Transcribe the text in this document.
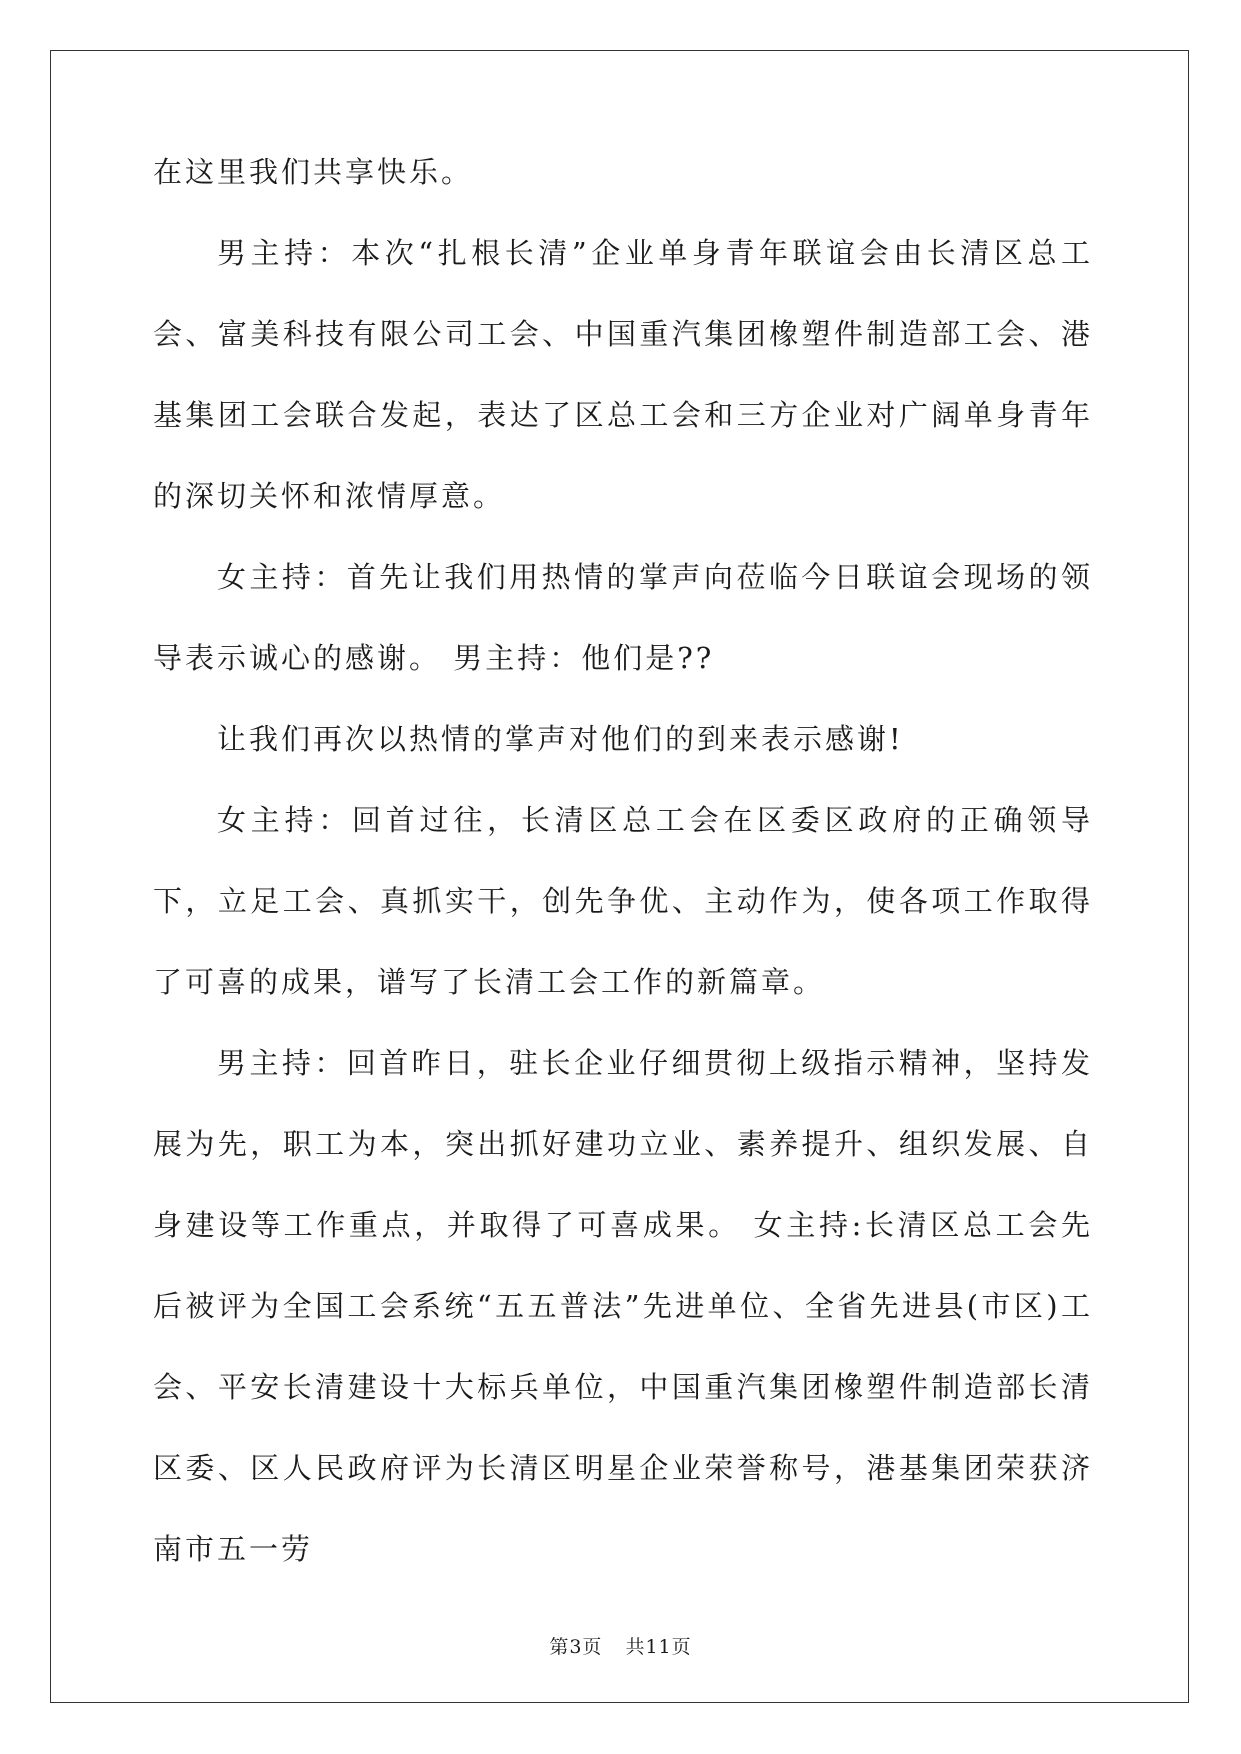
在这里我们共享快乐。

男主持：本次“扎根长清”企业单身青年联谊会由长清区总工会、富美科技有限公司工会、中国重汽集团橡塑件制造部工会、港基集团工会联合发起，表达了区总工会和三方企业对广阔单身青年的深切关怀和浓情厚意。

女主持：首先让我们用热情的掌声向莅临今日联谊会现场的领导表示诚心的感谢。 男主持：他们是??

让我们再次以热情的掌声对他们的到来表示感谢!

女主持：回首过往，长清区总工会在区委区政府的正确领导下，立足工会、真抓实干，创先争优、主动作为，使各项工作取得了可喜的成果，谱写了长清工会工作的新篇章。

男主持：回首昨日，驻长企业仔细贯彻上级指示精神，坚持发展为先，职工为本，突出抓好建功立业、素养提升、组织发展、自身建设等工作重点，并取得了可喜成果。 女主持:长清区总工会先后被评为全国工会系统“五五普法”先进单位、全省先进县(市区)工会、平安长清建设十大标兵单位，中国重汽集团橡塑件制造部长清区委、区人民政府评为长清区明星企业荣誉称号，港基集团荣获济南市五一劳

第3页 共11页
